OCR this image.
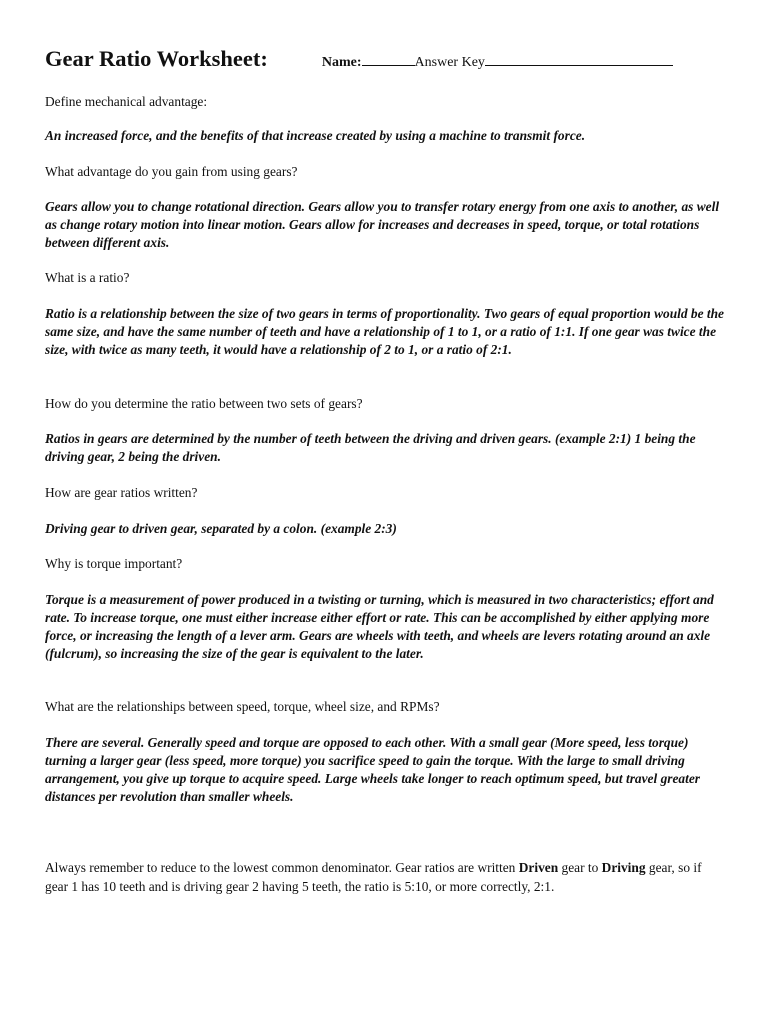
Gear Ratio Worksheet:	Name:	Answer Key
Define mechanical advantage:
An increased force, and the benefits of that increase created by using a machine to transmit force.
What advantage do you gain from using gears?
Gears allow you to change rotational direction. Gears allow you to transfer rotary energy from one axis to another, as well as change rotary motion into linear motion. Gears allow for increases and decreases in speed, torque, or total rotations between different axis.
What is a ratio?
Ratio is a relationship between the size of two gears in terms of proportionality. Two gears of equal proportion would be the same size, and have the same number of teeth and have a relationship of 1 to 1, or a ratio of 1:1. If one gear was twice the size, with twice as many teeth, it would have a relationship of 2 to 1, or a ratio of 2:1.
How do you determine the ratio between two sets of gears?
Ratios in gears are determined by the number of teeth between the driving and driven gears. (example 2:1) 1 being the driving gear, 2 being the driven.
How are gear ratios written?
Driving gear to driven gear, separated by a colon. (example 2:3)
Why is torque important?
Torque is a measurement of power produced in a twisting or turning, which is measured in two characteristics; effort and rate. To increase torque, one must either increase either effort or rate. This can be accomplished by either applying more force, or increasing the length of a lever arm. Gears are wheels with teeth, and wheels are levers rotating around an axle (fulcrum), so increasing the size of the gear is equivalent to the later.
What are the relationships between speed, torque, wheel size, and RPMs?
There are several. Generally speed and torque are opposed to each other. With a small gear (More speed, less torque) turning a larger gear (less speed, more torque) you sacrifice speed to gain the torque. With the large to small driving arrangement, you give up torque to acquire speed. Large wheels take longer to reach optimum speed, but travel greater distances per revolution than smaller wheels.
Always remember to reduce to the lowest common denominator. Gear ratios are written Driven gear to Driving gear, so if gear 1 has 10 teeth and is driving gear 2 having 5 teeth, the ratio is 5:10, or more correctly, 2:1.
